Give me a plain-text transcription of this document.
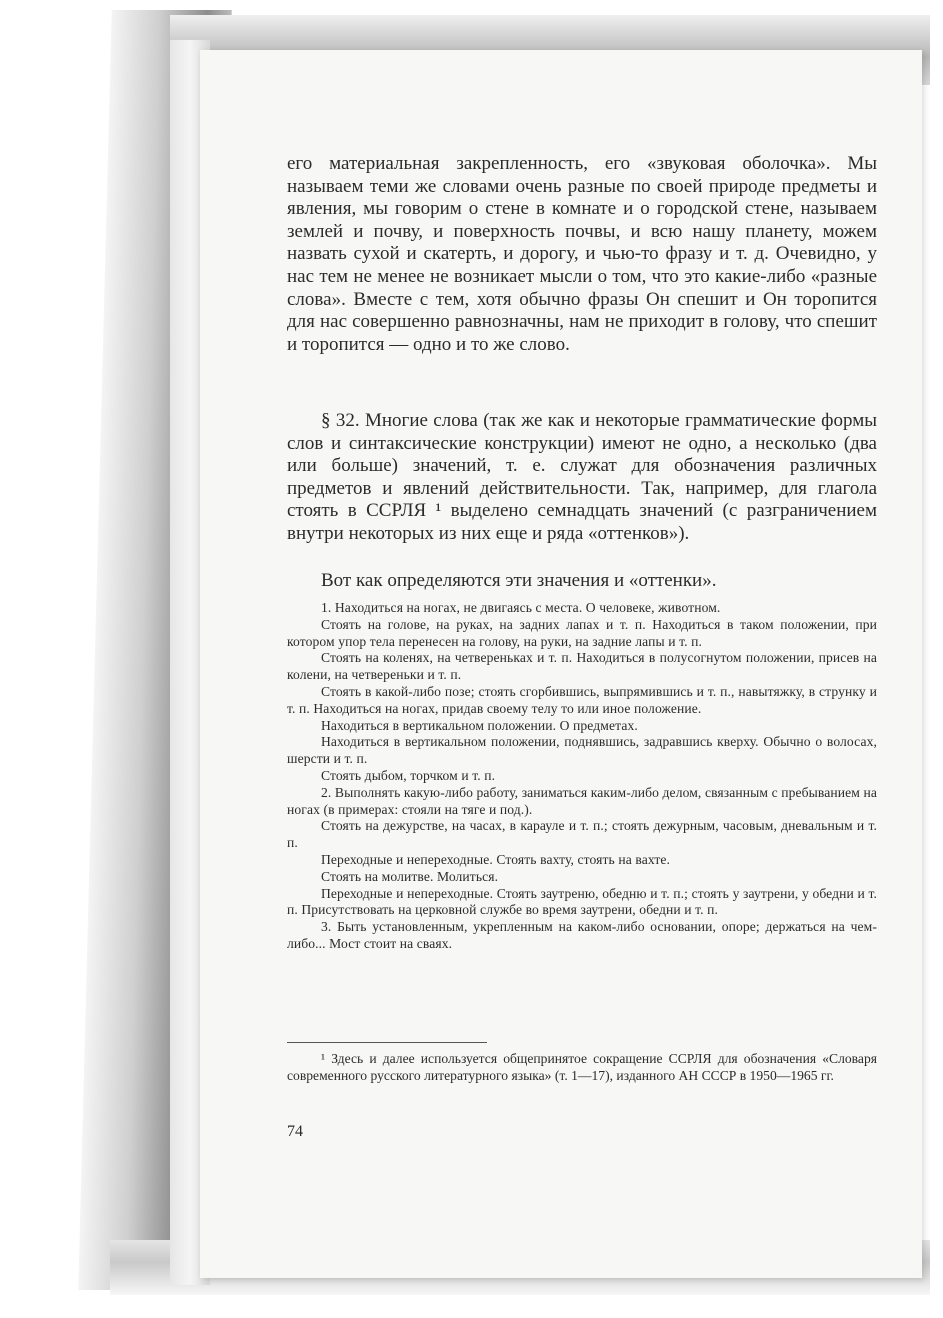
его материальная закрепленность, его «звуковая оболочка». Мы называем теми же словами очень разные по своей природе предметы и явления, мы говорим о стене в комнате и о городской стене, называем землей и почву, и поверхность почвы, и всю нашу планету, можем назвать сухой и скатерть, и дорогу, и чью-то фразу и т. д. Очевидно, у нас тем не менее не возникает мысли о том, что это какие-либо «разные слова». Вместе с тем, хотя обычно фразы Он спешит и Он торопится для нас совершенно равнозначны, нам не приходит в голову, что спешит и торопится — одно и то же слово.

§ 32. Многие слова (так же как и некоторые грамматические формы слов и синтаксические конструкции) имеют не одно, а несколько (два или больше) значений, т. е. служат для обозначения различных предметов и явлений действительности. Так, например, для глагола стоять в ССРЛЯ ¹ выделено семнадцать значений (с разграничением внутри некоторых из них еще и ряда «оттенков»).

Вот как определяются эти значения и «оттенки».

1. Находиться на ногах, не двигаясь с места. О человеке, животном.

Стоять на голове, на руках, на задних лапах и т. п. Находиться в таком положении, при котором упор тела перенесен на голову, на руки, на задние лапы и т. п.

Стоять на коленях, на четвереньках и т. п. Находиться в полусогнутом положении, присев на колени, на четвереньки и т. п.

Стоять в какой-либо позе; стоять сгорбившись, выпрямившись и т. п., навытяжку, в струнку и т. п. Находиться на ногах, придав своему телу то или иное положение.

Находиться в вертикальном положении. О предметах.

Находиться в вертикальном положении, поднявшись, задравшись кверху. Обычно о волосах, шерсти и т. п.

Стоять дыбом, торчком и т. п.

2. Выполнять какую-либо работу, заниматься каким-либо делом, связанным с пребыванием на ногах (в примерах: стояли на тяге и под.).

Стоять на дежурстве, на часах, в карауле и т. п.; стоять дежурным, часовым, дневальным и т. п.

Переходные и непереходные. Стоять вахту, стоять на вахте.

Стоять на молитве. Молиться.

Переходные и непереходные. Стоять заутреню, обедню и т. п.; стоять у заутрени, у обедни и т. п. Присутствовать на церковной службе во время заутрени, обедни и т. п.

3. Быть установленным, укрепленным на каком-либо основании, опоре; держаться на чем-либо... Мост стоит на сваях.

¹ Здесь и далее используется общепринятое сокращение ССРЛЯ для обозначения «Словаря современного русского литературного языка» (т. 1—17), изданного АН СССР в 1950—1965 гг.

74
